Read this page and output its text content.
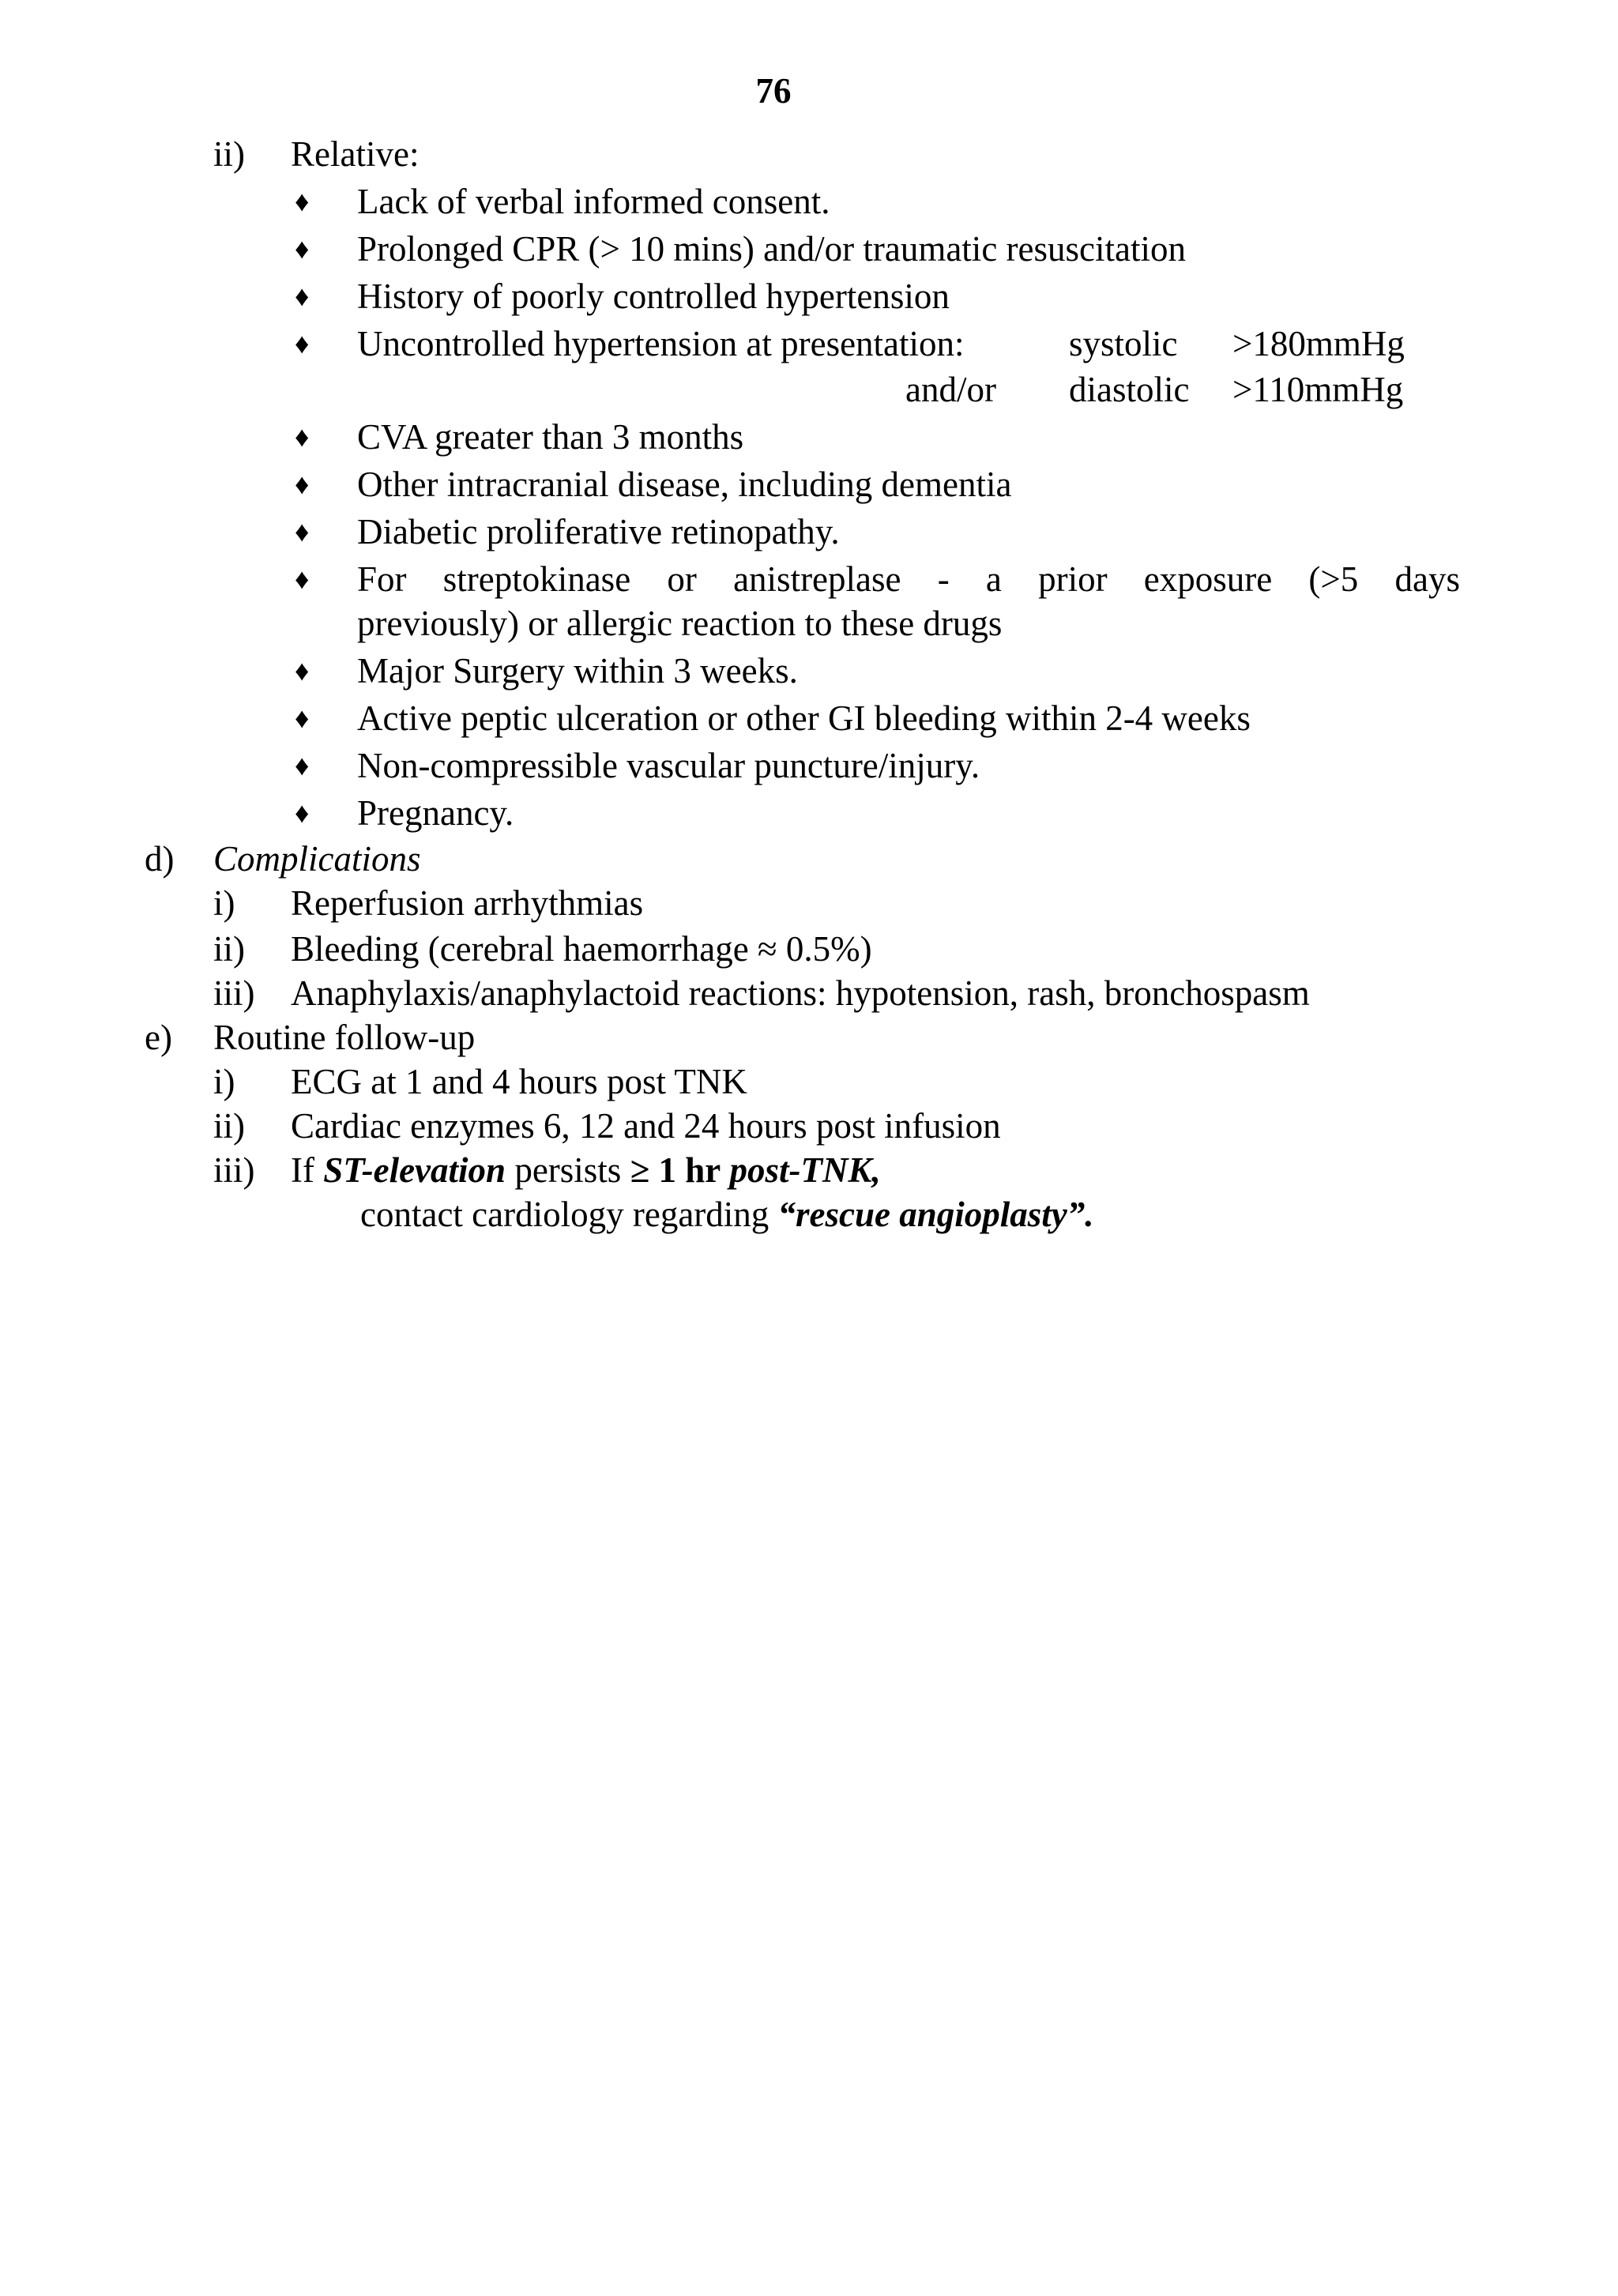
76
ii) Relative:
♦ Lack of verbal informed consent.
♦ Prolonged CPR (> 10 mins) and/or traumatic resuscitation
♦ History of poorly controlled hypertension
♦ Uncontrolled hypertension at presentation:	systolic >180mmHg
and/or diastolic >110mmHg
♦ CVA greater than 3 months
♦ Other intracranial disease, including dementia
♦ Diabetic proliferative retinopathy.
♦ For streptokinase or anistreplase - a prior exposure (>5 days
previously) or allergic reaction to these drugs
♦ Major Surgery within 3 weeks.
♦ Active peptic ulceration or other GI bleeding within 2-4 weeks
♦ Non-compressible vascular puncture/injury.
♦ Pregnancy.
d) Complications
i) Reperfusion arrhythmias
ii) Bleeding (cerebral haemorrhage ≈ 0.5%)
iii) Anaphylaxis/anaphylactoid reactions: hypotension, rash, bronchospasm
e) Routine follow-up
i) ECG at 1 and 4 hours post TNK
ii) Cardiac enzymes 6, 12 and 24 hours post infusion
iii) If ST-elevation persists ≥ 1 hr post-TNK,
contact cardiology regarding “rescue angioplasty”.
